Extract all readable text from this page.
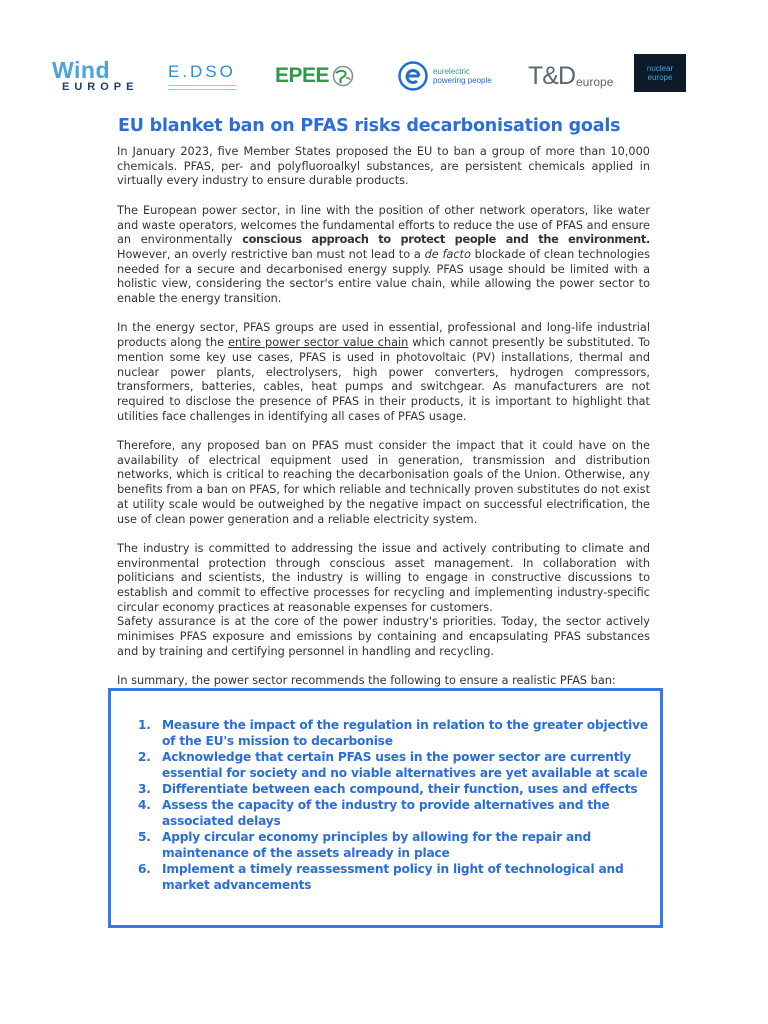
Wind
EUROPE
E.DSO EPEE	eurelectric
powering people T&D europe
nuclear
europe
EU blanket ban on PFAS risks decarbonisation goals

In January 2023, five Member States proposed the EU to ban a group of more than 10,000 chemicals. PFAS, per- and polyfluoroalkyl substances, are persistent chemicals applied in virtually every industry to ensure durable products.

The European power sector, in line with the position of other network operators, like water and waste operators, welcomes the fundamental efforts to reduce the use of PFAS and ensure an environmentally conscious approach to protect people and the environment. However, an overly restrictive ban must not lead to a de facto blockade of clean technologies needed for a secure and decarbonised energy supply. PFAS usage should be limited with a holistic view, considering the sector's entire value chain, while allowing the power sector to enable the energy transition.

In the energy sector, PFAS groups are used in essential, professional and long-life industrial products along the entire power sector value chain which cannot presently be substituted. To mention some key use cases, PFAS is used in photovoltaic (PV) installations, thermal and nuclear power plants, electrolysers, high power converters, hydrogen compressors, transformers, batteries, cables, heat pumps and switchgear. As manufacturers are not required to disclose the presence of PFAS in their products, it is important to highlight that utilities face challenges in identifying all cases of PFAS usage.

Therefore, any proposed ban on PFAS must consider the impact that it could have on the availability of electrical equipment used in generation, transmission and distribution networks, which is critical to reaching the decarbonisation goals of the Union. Otherwise, any benefits from a ban on PFAS, for which reliable and technically proven substitutes do not exist at utility scale would be outweighed by the negative impact on successful electrification, the use of clean power generation and a reliable electricity system.

The industry is committed to addressing the issue and actively contributing to climate and environmental protection through conscious asset management. In collaboration with politicians and scientists, the industry is willing to engage in constructive discussions to establish and commit to effective processes for recycling and implementing industry-specific circular economy practices at reasonable expenses for customers.

Safety assurance is at the core of the power industry's priorities. Today, the sector actively minimises PFAS exposure and emissions by containing and encapsulating PFAS substances and by training and certifying personnel in handling and recycling.

In summary, the power sector recommends the following to ensure a realistic PFAS ban:

1. Measure the impact of the regulation in relation to the greater objective of the EU's mission to decarbonise
2. Acknowledge that certain PFAS uses in the power sector are currently essential for society and no viable alternatives are yet available at scale
3. Differentiate between each compound, their function, uses and effects
4. Assess the capacity of the industry to provide alternatives and the associated delays
5. Apply circular economy principles by allowing for the repair and maintenance of the assets already in place
6. Implement a timely reassessment policy in light of technological and market advancements
